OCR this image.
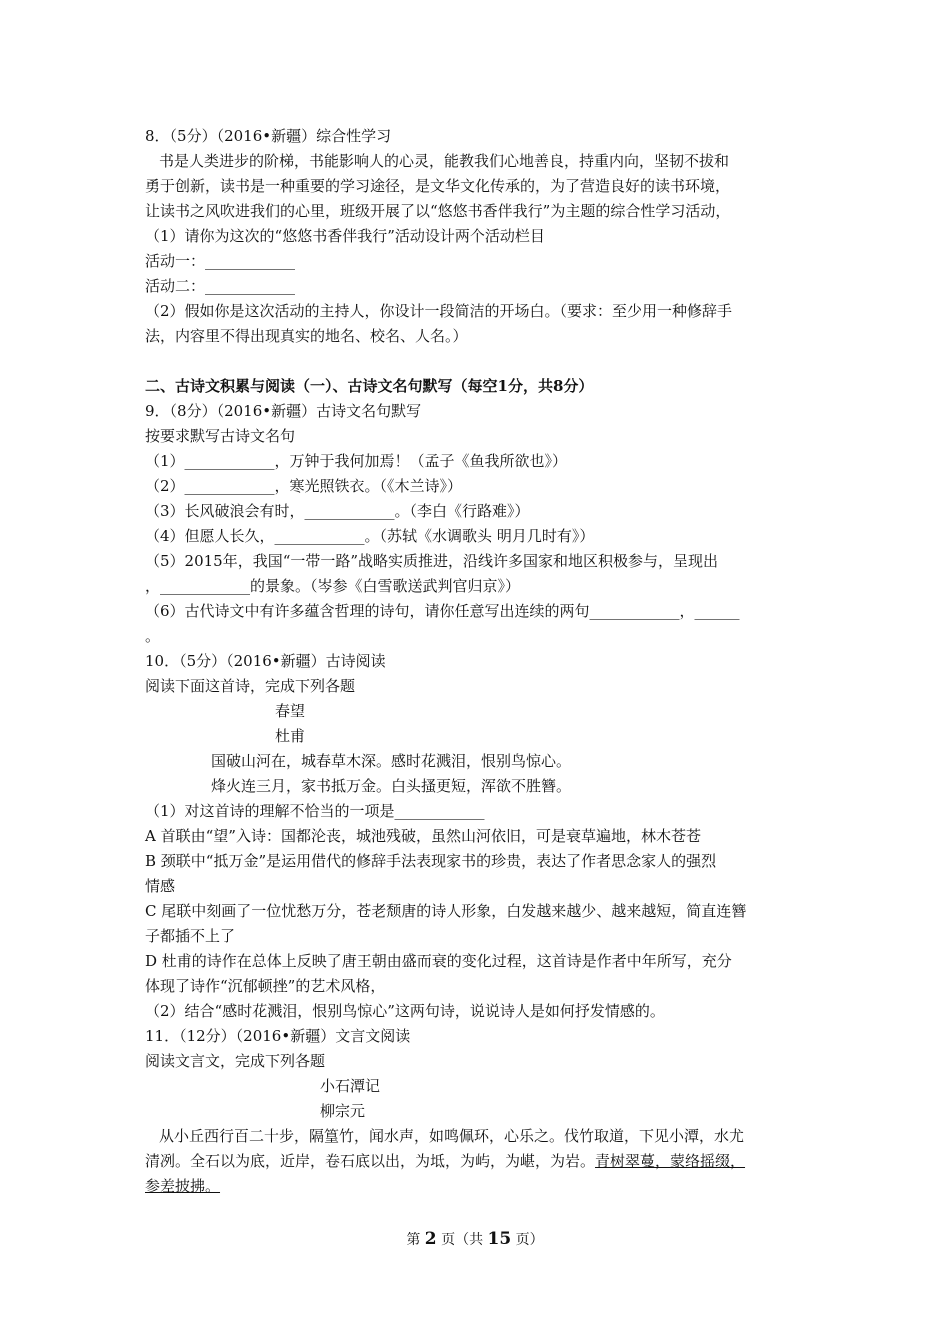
8．（5分）（2016•新疆）综合性学习
书是人类进步的阶梯，书能影响人的心灵，能教我们心地善良，持重内向，坚韧不拔和
勇于创新，读书是一种重要的学习途径，是文华文化传承的，为了营造良好的读书环境，
让读书之风吹进我们的心里，班级开展了以“悠悠书香伴我行”为主题的综合性学习活动，
（1）请你为这次的“悠悠书香伴我行”活动设计两个活动栏目
活动一：____________
活动二：____________
（2）假如你是这次活动的主持人，你设计一段简洁的开场白。（要求：至少用一种修辞手
法，内容里不得出现真实的地名、校名、人名。）
二、古诗文积累与阅读（一）、古诗文名句默写（每空1分，共8分）
9．（8分）（2016•新疆）古诗文名句默写
按要求默写古诗文名句
（1）____________，万钟于我何加焉！（孟子《鱼我所欲也》）
（2）____________，寒光照铁衣。（《木兰诗》）
（3）长风破浪会有时，____________。（李白《行路难》）
（4）但愿人长久，____________。（苏轼《水调歌头 明月几时有》）
（5）2015年，我国“一带一路”战略实质推进，沿线许多国家和地区积极参与，呈现出
，____________的景象。（岑参《白雪歌送武判官归京》）
（6）古代诗文中有许多蕴含哲理的诗句，请你任意写出连续的两句____________，______
。
10．（5分）（2016•新疆）古诗阅读
阅读下面这首诗，完成下列各题
春望
杜甫
国破山河在，城春草木深。感时花溅泪，恨别鸟惊心。
烽火连三月，家书抵万金。白头搔更短，浑欲不胜簪。
（1）对这首诗的理解不恰当的一项是____________
A 首联由“望”入诗：国都沦丧，城池残破，虽然山河依旧，可是衰草遍地，林木苍苍
B 颈联中“抵万金”是运用借代的修辞手法表现家书的珍贵，表达了作者思念家人的强烈
情感
C 尾联中刻画了一位忧愁万分，苍老颓唐的诗人形象，白发越来越少、越来越短，简直连簪
子都插不上了
D 杜甫的诗作在总体上反映了唐王朝由盛而衰的变化过程，这首诗是作者中年所写，充分
体现了诗作“沉郁顿挫”的艺术风格，
（2）结合“感时花溅泪，恨别鸟惊心”这两句诗，说说诗人是如何抒发情感的。
11．（12分）（2016•新疆）文言文阅读
阅读文言文，完成下列各题
小石潭记
柳宗元
从小丘西行百二十步，隔篁竹，闻水声，如鸣佩环，心乐之。伐竹取道，下见小潭，水尤
清冽。全石以为底，近岸，卷石底以出，为坻，为屿，为嵁，为岩。青树翠蔓，蒙络摇缀，
参差披拂。
第 2 页（共 15 页）
